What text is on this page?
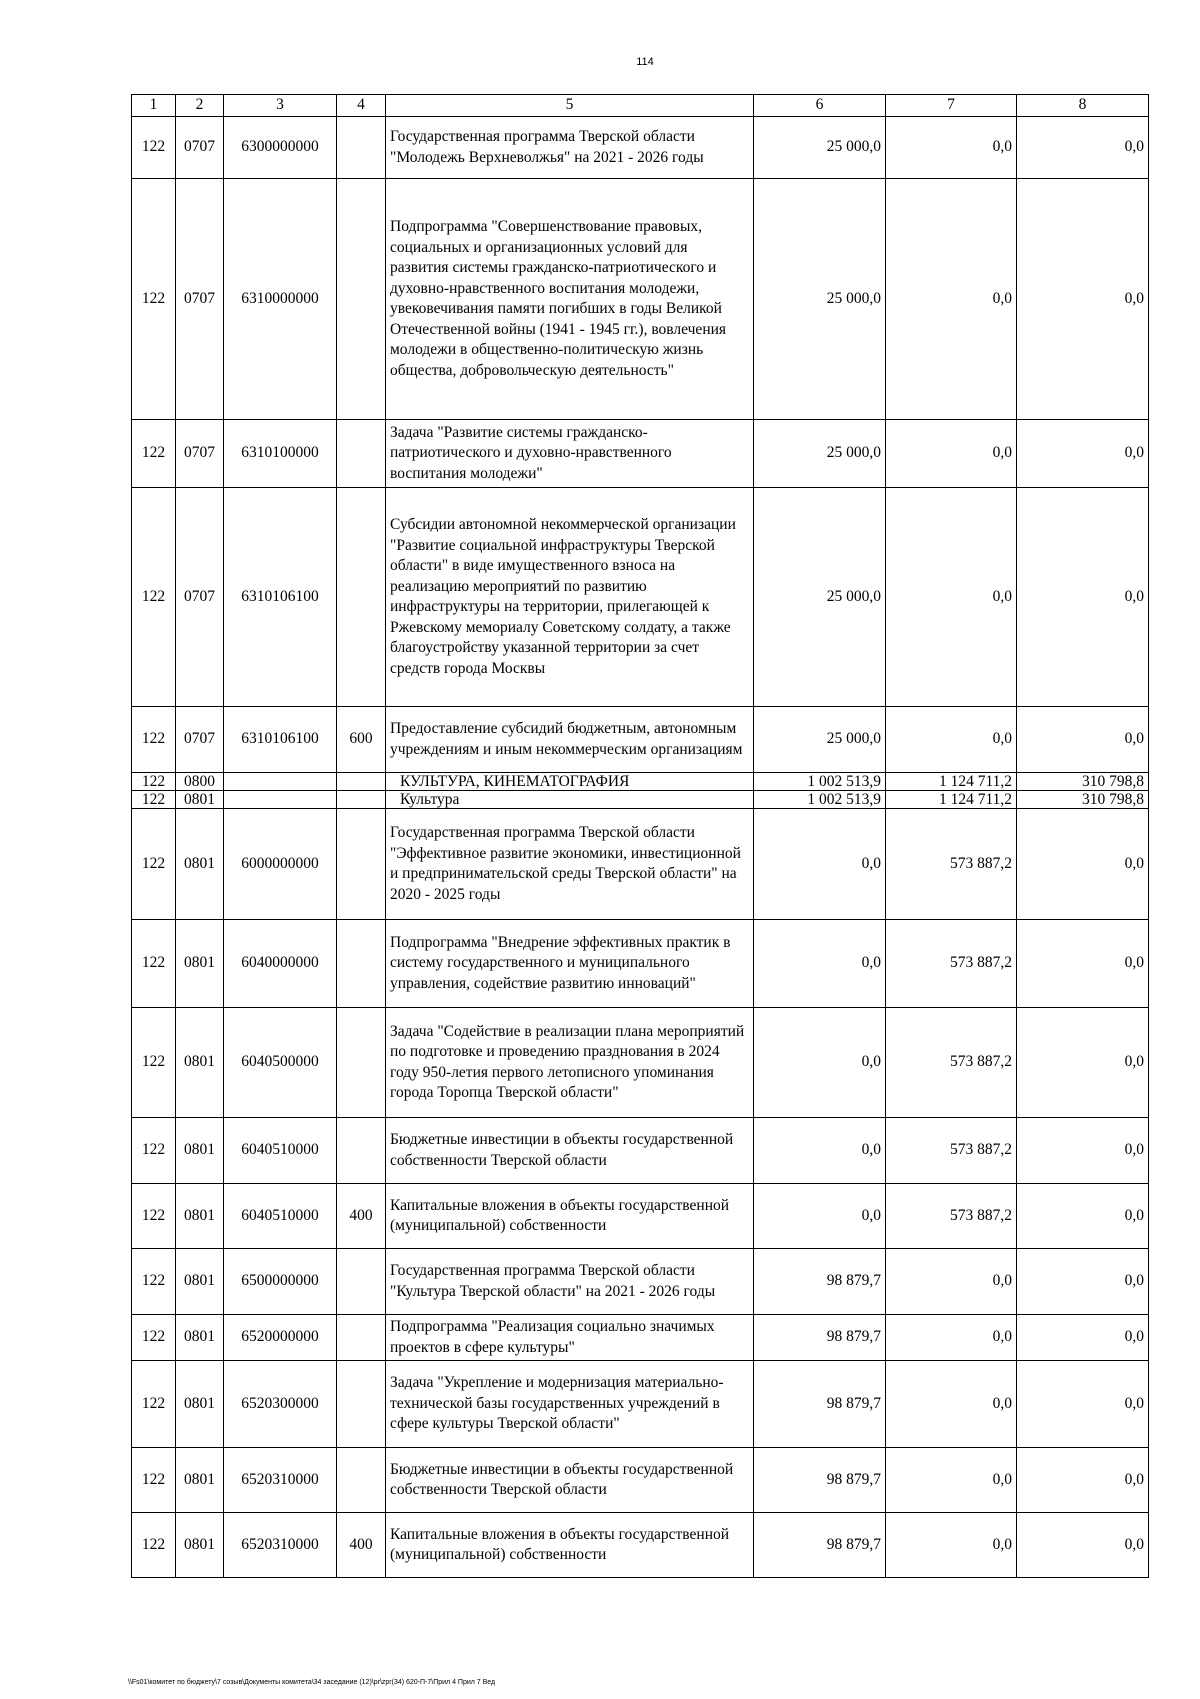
114
1	2	3	4	5	6	7	8
122	0707	6300000000		Государственная программа Тверской области "Молодежь Верхневолжья" на 2021 - 2026 годы	25 000,0	0,0	0,0
122	0707	6310000000		Подпрограмма "Совершенствование правовых, социальных и организационных условий для развития системы гражданско-патриотического и духовно-нравственного воспитания молодежи, увековечивания памяти погибших в годы Великой Отечественной войны (1941 - 1945 гг.), вовлечения молодежи в общественно-политическую жизнь общества, добровольческую деятельность"	25 000,0	0,0	0,0
122	0707	6310100000		Задача "Развитие системы гражданско-патриотического и духовно-нравственного воспитания молодежи"	25 000,0	0,0	0,0
122	0707	6310106100		Субсидии автономной некоммерческой организации "Развитие социальной инфраструктуры Тверской области" в виде имущественного взноса на реализацию мероприятий по развитию инфраструктуры на территории, прилегающей к Ржевскому мемориалу Советскому солдату, а также благоустройству указанной территории за счет средств города Москвы	25 000,0	0,0	0,0
122	0707	6310106100	600	Предоставление субсидий бюджетным, автономным учреждениям и иным некоммерческим организациям	25 000,0	0,0	0,0
122	0800			КУЛЬТУРА, КИНЕМАТОГРАФИЯ	1 002 513,9	1 124 711,2	310 798,8
122	0801			Культура	1 002 513,9	1 124 711,2	310 798,8
122	0801	6000000000		Государственная программа Тверской области "Эффективное развитие экономики, инвестиционной и предпринимательской среды Тверской области" на 2020 - 2025 годы	0,0	573 887,2	0,0
122	0801	6040000000		Подпрограмма "Внедрение эффективных практик в систему государственного и муниципального управления, содействие развитию инноваций"	0,0	573 887,2	0,0
122	0801	6040500000		Задача "Содействие в реализации плана мероприятий по подготовке и проведению празднования в 2024 году 950-летия первого летописного упоминания города Торопца Тверской области"	0,0	573 887,2	0,0
122	0801	6040510000		Бюджетные инвестиции в объекты государственной собственности Тверской области	0,0	573 887,2	0,0
122	0801	6040510000	400	Капитальные вложения в объекты государственной (муниципальной) собственности	0,0	573 887,2	0,0
122	0801	6500000000		Государственная программа Тверской области "Культура Тверской области" на 2021 - 2026 годы	98 879,7	0,0	0,0
122	0801	6520000000		Подпрограмма "Реализация социально значимых проектов в сфере культуры"	98 879,7	0,0	0,0
122	0801	6520300000		Задача "Укрепление и модернизация материально-технической базы государственных учреждений в сфере культуры Тверской области"	98 879,7	0,0	0,0
122	0801	6520310000		Бюджетные инвестиции в объекты государственной собственности Тверской области	98 879,7	0,0	0,0
122	0801	6520310000	400	Капитальные вложения в объекты государственной (муниципальной) собственности	98 879,7	0,0	0,0
\\Fs01\комитет по бюджету\7 созыв\Документы комитета\34 заседание (12)\pr\zpr(34) 620-П-7\Прил 4 Прил 7 Вед
